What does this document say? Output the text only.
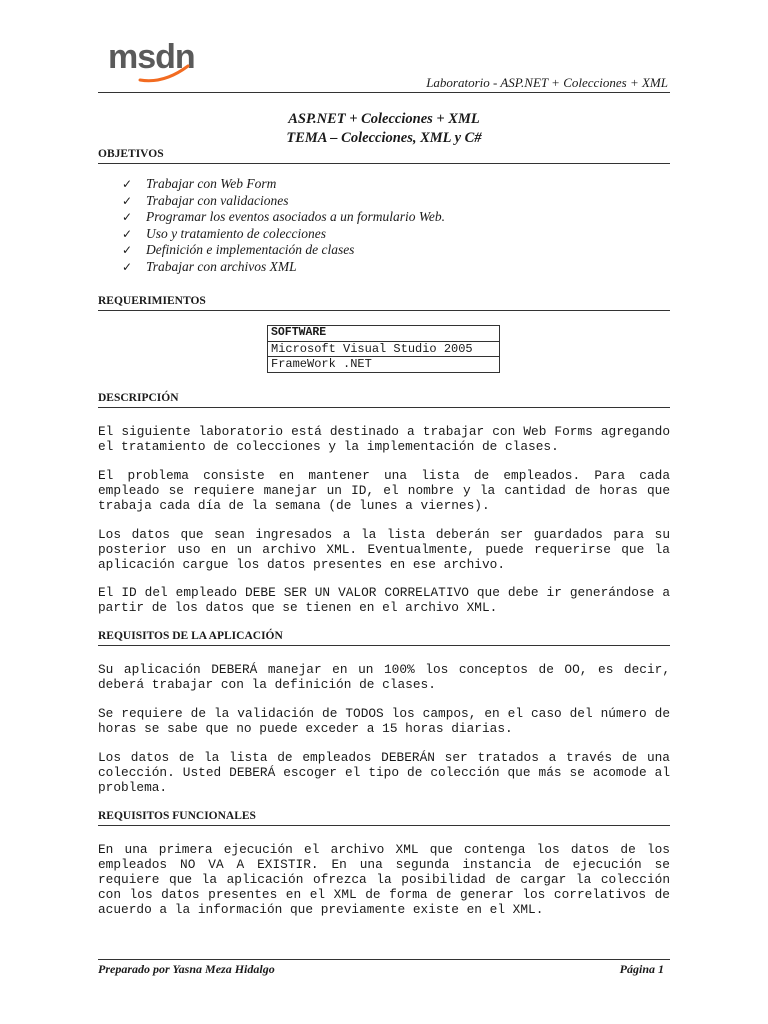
msdn
Laboratorio - ASP.NET + Colecciones + XML
ASP.NET + Colecciones + XML
TEMA – Colecciones, XML y C#
OBJETIVOS
✓ Trabajar con Web Form
✓ Trabajar con validaciones
✓ Programar los eventos asociados a un formulario Web.
✓ Uso y tratamiento de colecciones
✓ Definición e implementación de clases
✓ Trabajar con archivos XML
REQUERIMIENTOS
SOFTWARE
Microsoft Visual Studio 2005
FrameWork .NET
DESCRIPCIÓN

El siguiente laboratorio está destinado a trabajar con Web Forms agregando el tratamiento de colecciones y la implementación de clases.

El problema consiste en mantener una lista de empleados. Para cada empleado se requiere manejar un ID, el nombre y la cantidad de horas que trabaja cada día de la semana (de lunes a viernes).

Los datos que sean ingresados a la lista deberán ser guardados para su posterior uso en un archivo XML. Eventualmente, puede requerirse que la aplicación cargue los datos presentes en ese archivo.

El ID del empleado DEBE SER UN VALOR CORRELATIVO que debe ir generándose a partir de los datos que se tienen en el archivo XML.

REQUISITOS DE LA APLICACIÓN

Su aplicación DEBERÁ manejar en un 100% los conceptos de OO, es decir, deberá trabajar con la definición de clases.

Se requiere de la validación de TODOS los campos, en el caso del número de horas se sabe que no puede exceder a 15 horas diarias.

Los datos de la lista de empleados DEBERÁN ser tratados a través de una colección. Usted DEBERÁ escoger el tipo de colección que más se acomode al problema.

REQUISITOS FUNCIONALES

En una primera ejecución el archivo XML que contenga los datos de los empleados NO VA A EXISTIR. En una segunda instancia de ejecución se requiere que la aplicación ofrezca la posibilidad de cargar la colección con los datos presentes en el XML de forma de generar los correlativos de acuerdo a la información que previamente existe en el XML.

Preparado por Yasna Meza Hidalgo	Página 1
